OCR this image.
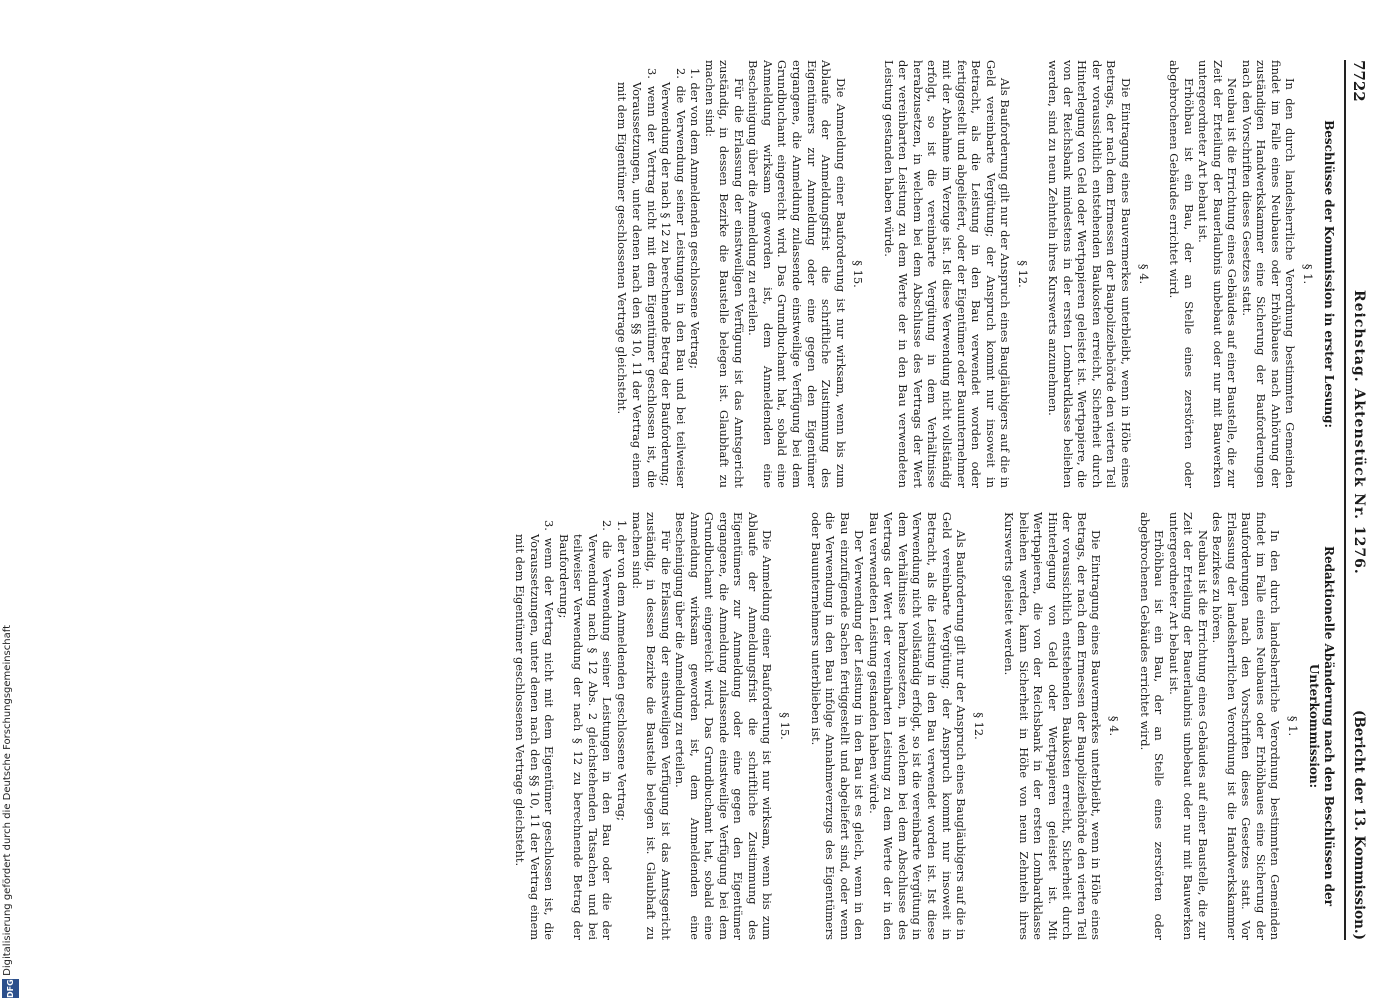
Digitalisierung gefördert durch die Deutsche Forschungsgemeinschaft
DFG
7722
Reichstag. Aktenstück Nr. 1276.
(Bericht der 13. Kommission.)
Beschlüsse der Kommission in erster Lesung:
§ 1.

In den durch landesherrliche Verordnung bestimmten Gemeinden findet im Falle eines Neubaues oder Erhöhbaues nach Anhörung der zuständigen Handwerkskammer eine Sicherung der Bauforderungen nach den Vorschriften dieses Gesetzes statt.

Neubau ist die Errichtung eines Gebäudes auf einer Baustelle, die zur Zeit der Erteilung der Bauerlaubnis unbebaut oder nur mit Bauwerken untergeordneter Art bebaut ist.

Erhöhbau ist ein Bau, der an Stelle eines zerstörten oder abgebrochenen Gebäudes errichtet wird.

§ 4.

Die Eintragung eines Bauvermerkes unterbleibt, wenn in Höhe eines Betrags, der nach dem Ermessen der Baupolizeibehörde den vierten Teil der voraussichtlich entstehenden Baukosten erreicht, Sicherheit durch Hinterlegung von Geld oder Wertpapieren geleistet ist. Wertpapiere, die von der Reichsbank mindestens in der ersten Lombardklasse beliehen werden, sind zu neun Zehnteln ihres Kurswerts anzunehmen.

§ 12.

Als Bauforderung gilt nur der Anspruch eines Baugläubigers auf die in Geld vereinbarte Vergütung; der Anspruch kommt nur insoweit in Betracht, als die Leistung in den Bau verwendet worden oder fertiggestellt und abgeliefert, oder der Eigentümer oder Bauunternehmer mit der Abnahme im Verzuge ist. Ist diese Verwendung nicht vollständig erfolgt, so ist die vereinbarte Vergütung in dem Verhältnisse herabzusetzen, in welchem bei dem Abschlusse des Vertrags der Wert der vereinbarten Leistung zu dem Werte der in den Bau verwendeten Leistung gestanden haben würde.

§ 15.

Die Anmeldung einer Bauforderung ist nur wirksam, wenn bis zum Ablaufe der Anmeldungsfrist die schriftliche Zustimmung des Eigentümers zur Anmeldung oder eine gegen den Eigentümer ergangene, die Anmeldung zulassende einstweilige Verfügung bei dem Grundbuchamt eingereicht wird. Das Grundbuchamt hat, sobald eine Anmeldung wirksam geworden ist, dem Anmeldenden eine Bescheinigung über die Anmeldung zu erteilen.

Für die Erlassung der einstweiligen Verfügung ist das Amtsgericht zuständig, in dessen Bezirke die Baustelle belegen ist. Glaubhaft zu machen sind:

1. der von dem Anmeldenden geschlossene Vertrag;

2. die Verwendung seiner Leistungen in den Bau und bei teilweiser Verwendung der nach § 12 zu berechnende Betrag der Bauforderung;

3. wenn der Vertrag nicht mit dem Eigentümer geschlossen ist, die Voraussetzungen, unter denen nach den §§ 10, 11 der Vertrag einem mit dem Eigentümer geschlossenen Vertrage gleichsteht.

Redaktionelle Abänderung nach den Beschlüssen der Unterkommission:
§ 1.

In den durch landesherrliche Verordnung bestimmten Gemeinden findet im Falle eines Neubaues oder Erhöhbaues eine Sicherung der Bauforderungen nach den Vorschriften dieses Gesetzes statt. Vor Erlassung der landesherrlichen Verordnung ist die Handwerkskammer des Bezirkes zu hören.

Neubau ist die Errichtung eines Gebäudes auf einer Baustelle, die zur Zeit der Erteilung der Bauerlaubnis unbebaut oder nur mit Bauwerken untergeordneter Art bebaut ist.

Erhöhbau ist ein Bau, der an Stelle eines zerstörten oder abgebrochenen Gebäudes errichtet wird.

§ 4.

Die Eintragung eines Bauvermerkes unterbleibt, wenn in Höhe eines Betrags, der nach dem Ermessen der Baupolizeibehörde den vierten Teil der voraussichtlich entstehenden Baukosten erreicht, Sicherheit durch Hinterlegung von Geld oder Wertpapieren geleistet ist. Mit Wertpapieren, die von der Reichsbank in der ersten Lombardklasse beliehen werden, kann Sicherheit in Höhe von neun Zehnteln ihres Kurswerts geleistet werden.

§ 12.

Als Bauforderung gilt nur der Anspruch eines Baugläubigers auf die in Geld vereinbarte Vergütung; der Anspruch kommt nur insoweit in Betracht, als die Leistung in den Bau verwendet worden ist. Ist diese Verwendung nicht vollständig erfolgt, so ist die vereinbarte Vergütung in dem Verhältnisse herabzusetzen, in welchem bei dem Abschlusse des Vertrags der Wert der vereinbarten Leistung zu dem Werte der in den Bau verwendeten Leistung gestanden haben würde.

Der Verwendung der Leistung in den Bau ist es gleich, wenn in den Bau einzufügende Sachen fertiggestellt und abgeliefert sind, oder wenn die Verwendung in den Bau infolge Annahmeverzugs des Eigentümers oder Bauunternehmers unterblieben ist.

§ 15.

Die Anmeldung einer Bauforderung ist nur wirksam, wenn bis zum Ablaufe der Anmeldungsfrist die schriftliche Zustimmung des Eigentümers zur Anmeldung oder eine gegen den Eigentümer ergangene, die Anmeldung zulassende einstweilige Verfügung bei dem Grundbuchamt eingereicht wird. Das Grundbuchamt hat, sobald eine Anmeldung wirksam geworden ist, dem Anmeldenden eine Bescheinigung über die Anmeldung zu erteilen.

Für die Erlassung der einstweiligen Verfügung ist das Amtsgericht zuständig, in dessen Bezirke die Baustelle belegen ist. Glaubhaft zu machen sind:

1. der von dem Anmeldenden geschlossene Vertrag;

2. die Verwendung seiner Leistungen in den Bau oder die der Verwendung nach § 12 Abs. 2 gleichstehenden Tatsachen und bei teilweiser Verwendung der nach § 12 zu berechnende Betrag der Bauforderung;

3. wenn der Vertrag nicht mit dem Eigentümer geschlossen ist, die Voraussetzungen, unter denen nach den §§ 10, 11 der Vertrag einem mit dem Eigentümer geschlossenen Vertrage gleichsteht.
